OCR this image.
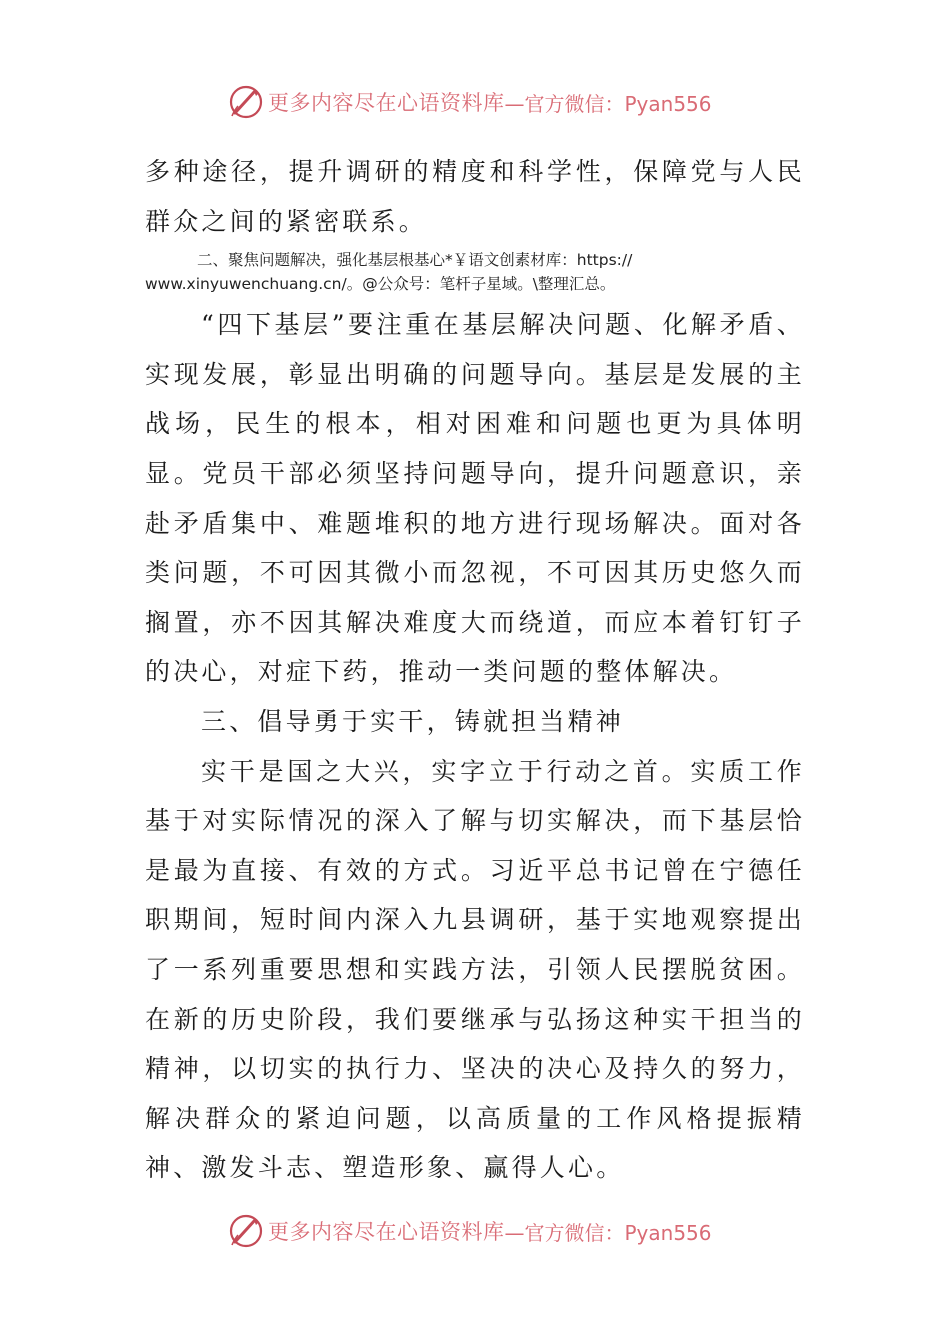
更多内容尽在心语资料库 —官方微信：Pyan556

多种途径，提升调研的精度和科学性，保障党与人民群众之间的紧密联系。

二、聚焦问题解决，强化基层根基心*￥语文创素材库：https://
www.xinyuwenchuang.cn/。@公众号：笔杆子星域。\整理汇总。

“四下基层”要注重在基层解决问题、化解矛盾、实现发展，彰显出明确的问题导向。基层是发展的主战场，民生的根本，相对困难和问题也更为具体明显。党员干部必须坚持问题导向，提升问题意识，亲赴矛盾集中、难题堆积的地方进行现场解决。面对各类问题，不可因其微小而忽视，不可因其历史悠久而搁置，亦不因其解决难度大而绕道，而应本着钉钉子的决心，对症下药，推动一类问题的整体解决。

三、倡导勇于实干，铸就担当精神

实干是国之大兴，实字立于行动之首。实质工作基于对实际情况的深入了解与切实解决，而下基层恰是最为直接、有效的方式。习近平总书记曾在宁德任职期间，短时间内深入九县调研，基于实地观察提出了一系列重要思想和实践方法，引领人民摆脱贫困。在新的历史阶段，我们要继承与弘扬这种实干担当的精神，以切实的执行力、坚决的决心及持久的努力，解决群众的紧迫问题，以高质量的工作风格提振精神、激发斗志、塑造形象、赢得人心。

更多内容尽在心语资料库 —官方微信：Pyan556
